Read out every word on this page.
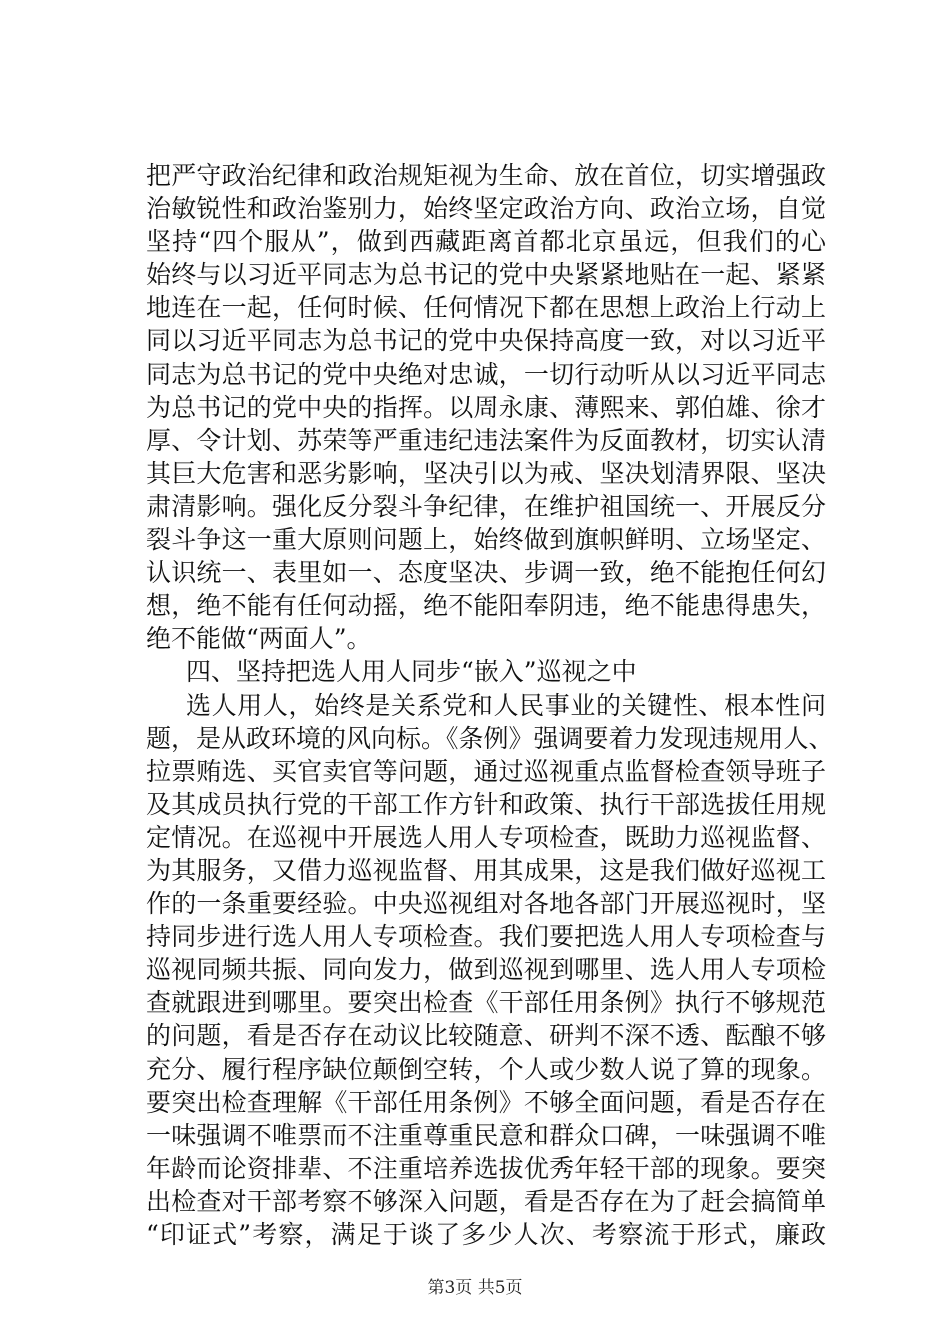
把严守政治纪律和政治规矩视为生命、放在首位，切实增强政
治敏锐性和政治鉴别力，始终坚定政治方向、政治立场，自觉
坚持“四个服从”，做到西藏距离首都北京虽远，但我们的心
始终与以习近平同志为总书记的党中央紧紧地贴在一起、紧紧
地连在一起，任何时候、任何情况下都在思想上政治上行动上
同以习近平同志为总书记的党中央保持高度一致，对以习近平
同志为总书记的党中央绝对忠诚，一切行动听从以习近平同志
为总书记的党中央的指挥。以周永康、薄熙来、郭伯雄、徐才
厚、令计划、苏荣等严重违纪违法案件为反面教材，切实认清
其巨大危害和恶劣影响，坚决引以为戒、坚决划清界限、坚决
肃清影响。强化反分裂斗争纪律，在维护祖国统一、开展反分
裂斗争这一重大原则问题上，始终做到旗帜鲜明、立场坚定、
认识统一、表里如一、态度坚决、步调一致，绝不能抱任何幻
想，绝不能有任何动摇，绝不能阳奉阴违，绝不能患得患失，
绝不能做“两面人”。
四、坚持把选人用人同步“嵌入”巡视之中
选人用人，始终是关系党和人民事业的关键性、根本性问
题，是从政环境的风向标。《条例》强调要着力发现违规用人、
拉票贿选、买官卖官等问题，通过巡视重点监督检查领导班子
及其成员执行党的干部工作方针和政策、执行干部选拔任用规
定情况。在巡视中开展选人用人专项检查，既助力巡视监督、
为其服务，又借力巡视监督、用其成果，这是我们做好巡视工
作的一条重要经验。中央巡视组对各地各部门开展巡视时，坚
持同步进行选人用人专项检查。我们要把选人用人专项检查与
巡视同频共振、同向发力，做到巡视到哪里、选人用人专项检
查就跟进到哪里。要突出检查《干部任用条例》执行不够规范
的问题，看是否存在动议比较随意、研判不深不透、酝酿不够
充分、履行程序缺位颠倒空转，个人或少数人说了算的现象。
要突出检查理解《干部任用条例》不够全面问题，看是否存在
一味强调不唯票而不注重尊重民意和群众口碑，一味强调不唯
年龄而论资排辈、不注重培养选拔优秀年轻干部的现象。要突
出检查对干部考察不够深入问题，看是否存在为了赶会搞简单
“印证式”考察，满足于谈了多少人次、考察流于形式，廉政
第3页 共5页
